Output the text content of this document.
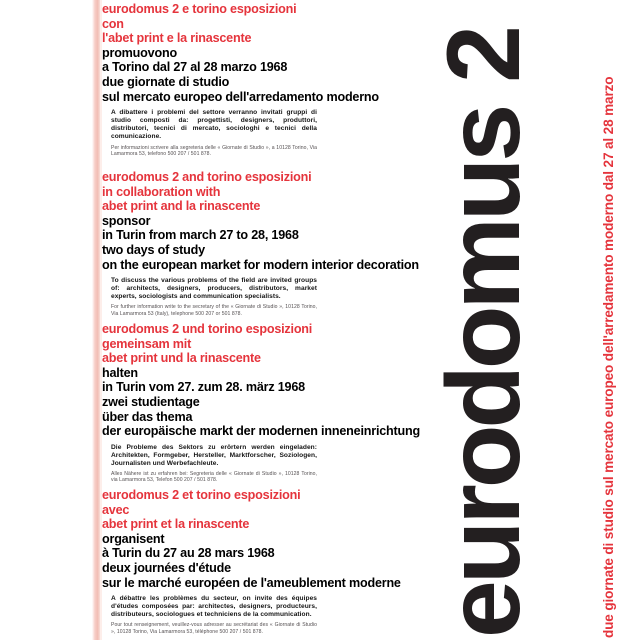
eurodomus 2 e torino esposizioni
con
l'abet print e la rinascente
promuovono
a Torino dal 27 al 28 marzo 1968
due giornate di studio
sul mercato europeo dell'arredamento moderno

A dibattere i problemi del settore verranno invitati gruppi di studio composti da: progettisti, designers, produttori, distributori, tecnici di mercato, sociologhi e tecnici della comunicazione.

Per informazioni scrivere alla segreteria delle « Giornate di Studio », a 10128 Torino, Via Lamarmora 53, telefono 500 207 / 501 878.

eurodomus 2 and torino esposizioni
in collaboration with
abet print and la rinascente
sponsor
in Turin from march 27 to 28, 1968
two days of study
on the european market for modern interior decoration

To discuss the various problems of the field are invited groups of: architects, designers, producers, distributors, market experts, sociologists and communication specialists.

For further information write to the secretary of the « Giornate di Studio », 10128 Torino, Via Lamarmora 53 (Italy), telephone 500 207 or 501 878.

eurodomus 2 und torino esposizioni
gemeinsam mit
abet print und la rinascente
halten
in Turin vom 27. zum 28. märz 1968
zwei studientage
über das thema
der europäische markt der modernen inneneinrichtung

Die Probleme des Sektors zu erörtern werden eingeladen: Architekten, Formgeber, Hersteller, Marktforscher, Soziologen, Journalisten und Werbefachleute.

Alles Nähere ist zu erfahren bei: Segreteria delle « Giornate di Studio », 10128 Torino, via Lamarmora 53, Telefon 500 207 / 501 878.

eurodomus 2 et torino esposizioni
avec
abet print et la rinascente
organisent
à Turin du 27 au 28 mars 1968
deux journées d'étude
sur le marché européen de l'ameublement moderne

A débattre les problèmes du secteur, on invite des équipes d'études composées par: architectes, designers, producteurs, distributeurs, sociologues et techniciens de la communication.

Pour tout renseignement, veuillez-vous adresser au secrétariat des « Giornate di Studio », 10128 Torino, Via Lamarmora 53, téléphone 500 207 / 501 878.	eurodomus 2	due giornate di studio sul mercato europeo dell'arredamento moderno dal 27 al 28 marzo
